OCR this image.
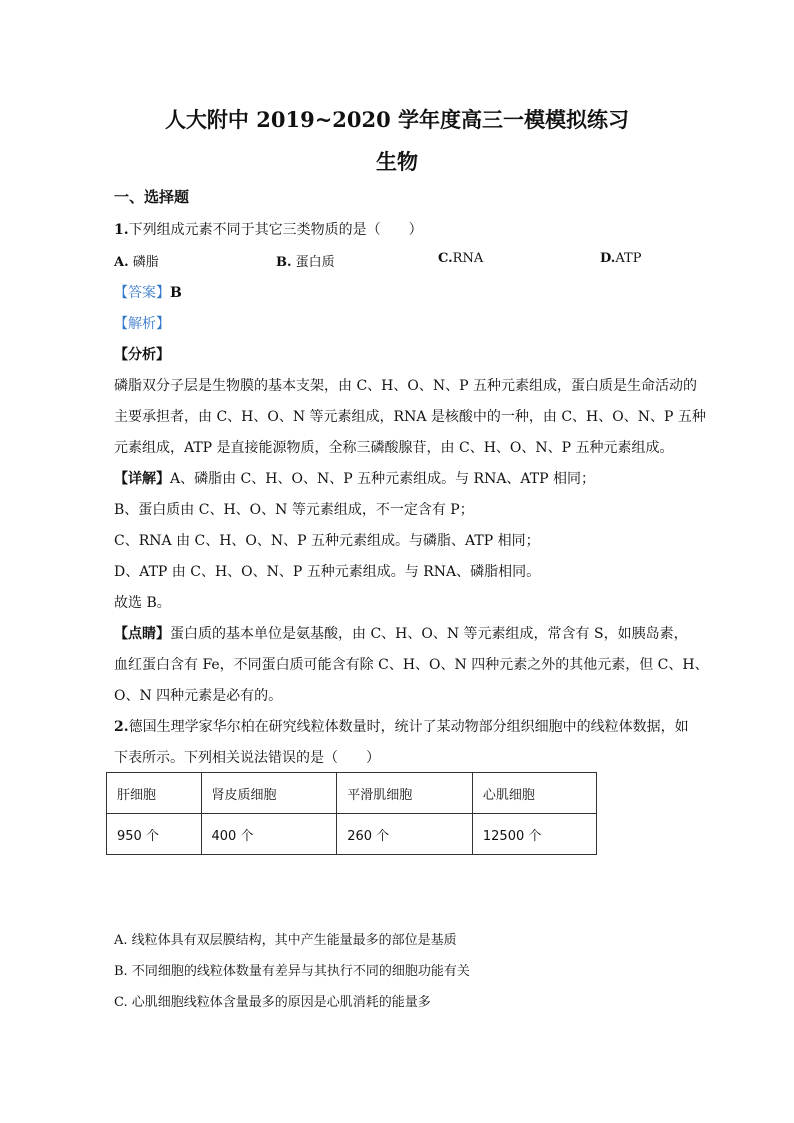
人大附中 2019~2020 学年度高三一模模拟练习
生物
一、选择题
1.下列组成元素不同于其它三类物质的是（　　）
A. 磷脂	B. 蛋白质	C.RNA	D.ATP
【答案】B
【解析】
【分析】
磷脂双分子层是生物膜的基本支架，由 C、H、O、N、P 五种元素组成，蛋白质是生命活动的
主要承担者，由 C、H、O、N 等元素组成，RNA 是核酸中的一种，由 C、H、O、N、P 五种
元素组成，ATP 是直接能源物质，全称三磷酸腺苷，由 C、H、O、N、P 五种元素组成。
【详解】A、磷脂由 C、H、O、N、P 五种元素组成。与 RNA、ATP 相同；
B、蛋白质由 C、H、O、N 等元素组成，不一定含有 P；
C、RNA 由 C、H、O、N、P 五种元素组成。与磷脂、ATP 相同；
D、ATP 由 C、H、O、N、P 五种元素组成。与 RNA、磷脂相同。
故选 B。
【点睛】蛋白质的基本单位是氨基酸，由 C、H、O、N 等元素组成，常含有 S，如胰岛素，
血红蛋白含有 Fe，不同蛋白质可能含有除 C、H、O、N 四种元素之外的其他元素，但 C、H、
O、N 四种元素是必有的。
2.德国生理学家华尔柏在研究线粒体数量时，统计了某动物部分组织细胞中的线粒体数据，如
下表所示。下列相关说法错误的是（　　）
肝细胞	肾皮质细胞	平滑肌细胞	心肌细胞
950 个	400 个	260 个	12500 个
A. 线粒体具有双层膜结构，其中产生能量最多的部位是基质
B. 不同细胞的线粒体数量有差异与其执行不同的细胞功能有关
C. 心肌细胞线粒体含量最多的原因是心肌消耗的能量多
